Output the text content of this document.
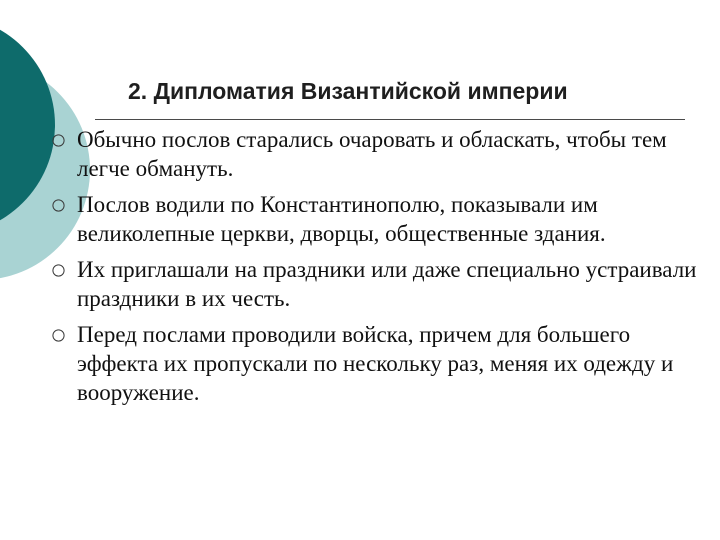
2. Дипломатия Византийской империи
Обычно послов старались очаровать и обласкать, чтобы тем легче обмануть.
Послов водили по Константинополю, показывали им великолепные церкви, дворцы, общественные здания.
Их приглашали на праздники или даже специально устраивали праздники в их честь.
Перед послами проводили войска, причем для большего эффекта их пропускали по нескольку раз, меняя их одежду и вооружение.
